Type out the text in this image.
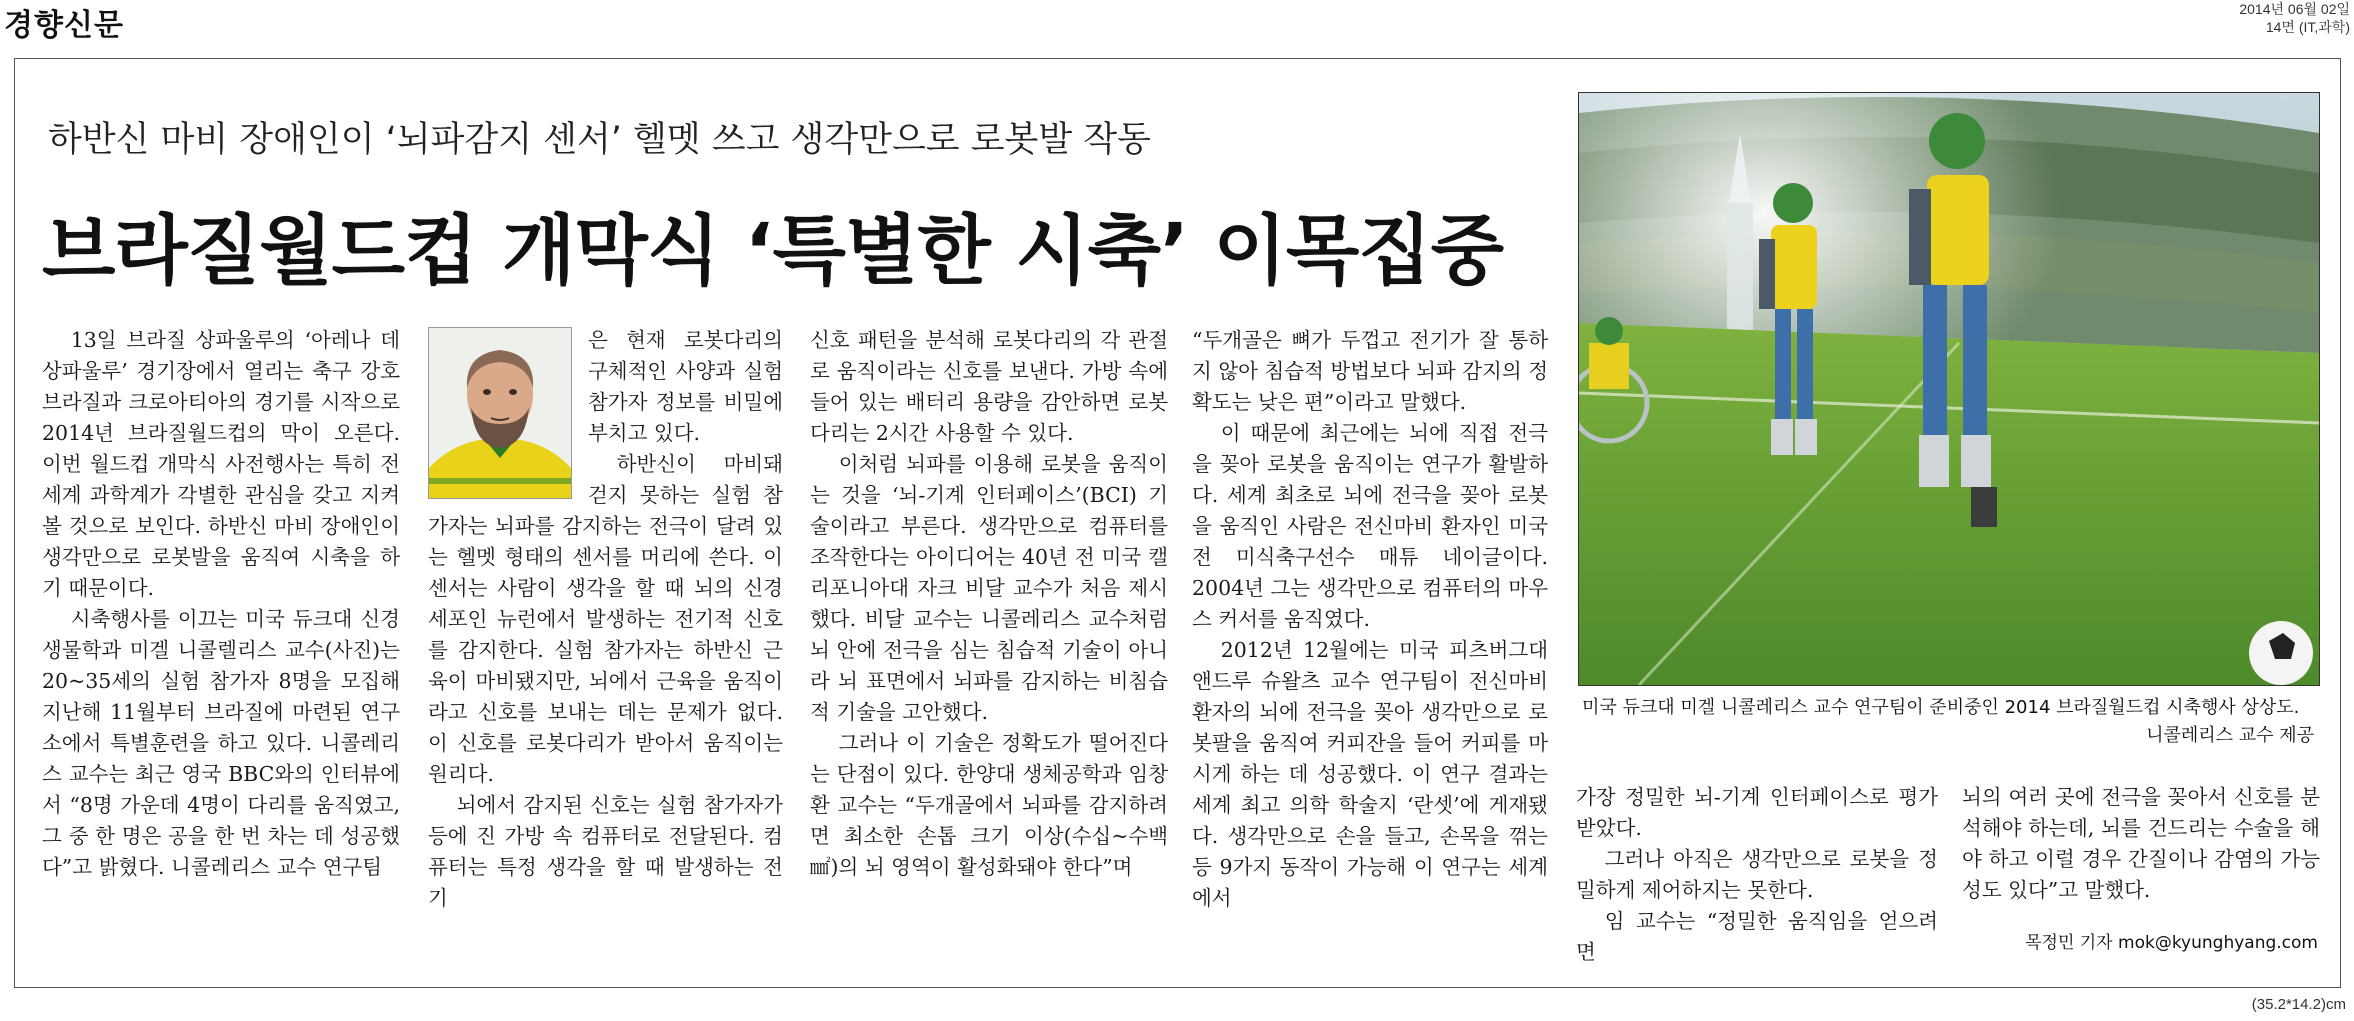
경향신문	2014년 06월 02일
14면 (IT,과학)
하반신 마비 장애인이 ‘뇌파감지 센서’ 헬멧 쓰고 생각만으로 로봇발 작동
브라질월드컵 개막식 ‘특별한 시축’ 이목집중

13일 브라질 상파울루의 ‘아레나 데 상파울루’ 경기장에서 열리는 축구 강호 브라질과 크로아티아의 경기를 시작으로 2014년 브라질월드컵의 막이 오른다. 이번 월드컵 개막식 사전행사는 특히 전 세계 과학계가 각별한 관심을 갖고 지켜볼 것으로 보인다. 하반신 마비 장애인이 생각만으로 로봇발을 움직여 시축을 하기 때문이다.

시축행사를 이끄는 미국 듀크대 신경생물학과 미겔 니콜렐리스 교수(사진)는 20~35세의 실험 참가자 8명을 모집해 지난해 11월부터 브라질에 마련된 연구소에서 특별훈련을 하고 있다. 니콜레리스 교수는 최근 영국 BBC와의 인터뷰에서 “8명 가운데 4명이 다리를 움직였고, 그 중 한 명은 공을 한 번 차는 데 성공했다”고 밝혔다. 니콜레리스 교수 연구팀

은 현재 로봇다리의 구체적인 사양과 실험 참가자 정보를 비밀에 부치고 있다.

하반신이 마비돼 걷지 못하는 실험 참가자는 뇌파를 감지하는 전극이 달려 있는 헬멧 형태의 센서를 머리에 쓴다. 이 센서는 사람이 생각을 할 때 뇌의 신경세포인 뉴런에서 발생하는 전기적 신호를 감지한다. 실험 참가자는 하반신 근육이 마비됐지만, 뇌에서 근육을 움직이라고 신호를 보내는 데는 문제가 없다. 이 신호를 로봇다리가 받아서 움직이는 원리다.

뇌에서 감지된 신호는 실험 참가자가 등에 진 가방 속 컴퓨터로 전달된다. 컴퓨터는 특정 생각을 할 때 발생하는 전기

신호 패턴을 분석해 로봇다리의 각 관절로 움직이라는 신호를 보낸다. 가방 속에 들어 있는 배터리 용량을 감안하면 로봇다리는 2시간 사용할 수 있다.

이처럼 뇌파를 이용해 로봇을 움직이는 것을 ‘뇌-기계 인터페이스’(BCI) 기술이라고 부른다. 생각만으로 컴퓨터를 조작한다는 아이디어는 40년 전 미국 캘리포니아대 자크 비달 교수가 처음 제시했다. 비달 교수는 니콜레리스 교수처럼 뇌 안에 전극을 심는 침습적 기술이 아니라 뇌 표면에서 뇌파를 감지하는 비침습적 기술을 고안했다.

그러나 이 기술은 정확도가 떨어진다는 단점이 있다. 한양대 생체공학과 임창환 교수는 “두개골에서 뇌파를 감지하려면 최소한 손톱 크기 이상(수십~수백 ㎟)의 뇌 영역이 활성화돼야 한다”며

“두개골은 뼈가 두껍고 전기가 잘 통하지 않아 침습적 방법보다 뇌파 감지의 정확도는 낮은 편”이라고 말했다.

이 때문에 최근에는 뇌에 직접 전극을 꽂아 로봇을 움직이는 연구가 활발하다. 세계 최초로 뇌에 전극을 꽂아 로봇을 움직인 사람은 전신마비 환자인 미국 전 미식축구선수 매튜 네이글이다. 2004년 그는 생각만으로 컴퓨터의 마우스 커서를 움직였다.

2012년 12월에는 미국 피츠버그대 앤드루 슈왈츠 교수 연구팀이 전신마비 환자의 뇌에 전극을 꽂아 생각만으로 로봇팔을 움직여 커피잔을 들어 커피를 마시게 하는 데 성공했다. 이 연구 결과는 세계 최고 의학 학술지 ‘란셋’에 게재됐다. 생각만으로 손을 들고, 손목을 꺾는 등 9가지 동작이 가능해 이 연구는 세계에서

미국 듀크대 미겔 니콜레리스 교수 연구팀이 준비중인 2014 브라질월드컵 시축행사 상상도.
니콜레리스 교수 제공

가장 정밀한 뇌-기계 인터페이스로 평가받았다.

그러나 아직은 생각만으로 로봇을 정밀하게 제어하지는 못한다.

임 교수는 “정밀한 움직임을 얻으려면

뇌의 여러 곳에 전극을 꽂아서 신호를 분석해야 하는데, 뇌를 건드리는 수술을 해야 하고 이럴 경우 간질이나 감염의 가능성도 있다”고 말했다.

목정민 기자 mok@kyunghyang.com
(35.2*14.2)cm
